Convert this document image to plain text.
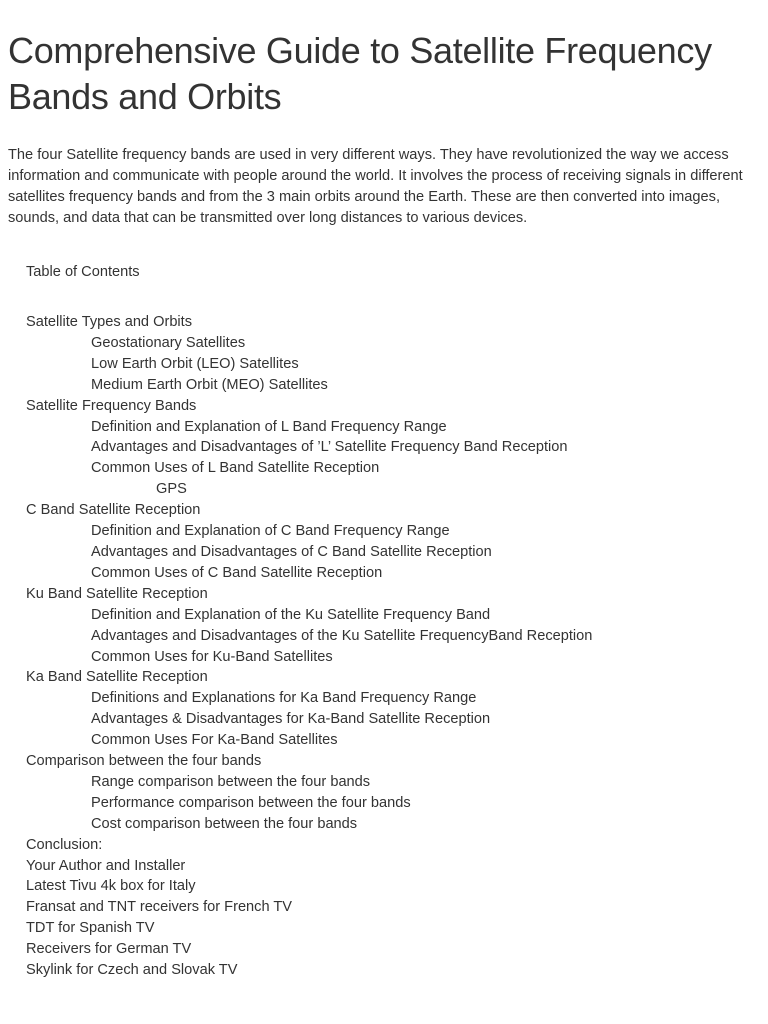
Comprehensive Guide to Satellite Frequency Bands and Orbits

The four Satellite frequency bands are used in very different ways. They have revolutionized the way we access information and communicate with people around the world. It involves the process of receiving signals in different satellites frequency bands and from the 3 main orbits around the Earth. These are then converted into images, sounds, and data that can be transmitted over long distances to various devices.

Table of Contents
Satellite Types and Orbits
Geostationary Satellites
Low Earth Orbit (LEO) Satellites
Medium Earth Orbit (MEO) Satellites
Satellite Frequency Bands
Definition and Explanation of L Band Frequency Range
Advantages and Disadvantages of ’L’ Satellite Frequency Band Reception
Common Uses of L Band Satellite Reception
GPS
C Band Satellite Reception
Definition and Explanation of C Band Frequency Range
Advantages and Disadvantages of C Band Satellite Reception
Common Uses of C Band Satellite Reception
Ku Band Satellite Reception
Definition and Explanation of the Ku Satellite Frequency Band
Advantages and Disadvantages of the Ku Satellite FrequencyBand Reception
Common Uses for Ku-Band Satellites
Ka Band Satellite Reception
Definitions and Explanations for Ka Band Frequency Range
Advantages & Disadvantages for Ka-Band Satellite Reception
Common Uses For Ka-Band Satellites
Comparison between the four bands
Range comparison between the four bands
Performance comparison between the four bands
Cost comparison between the four bands
Conclusion:
Your Author and Installer
Latest Tivu 4k box for Italy
Fransat and TNT receivers for French TV
TDT for Spanish TV
Receivers for German TV
Skylink for Czech and Slovak TV
